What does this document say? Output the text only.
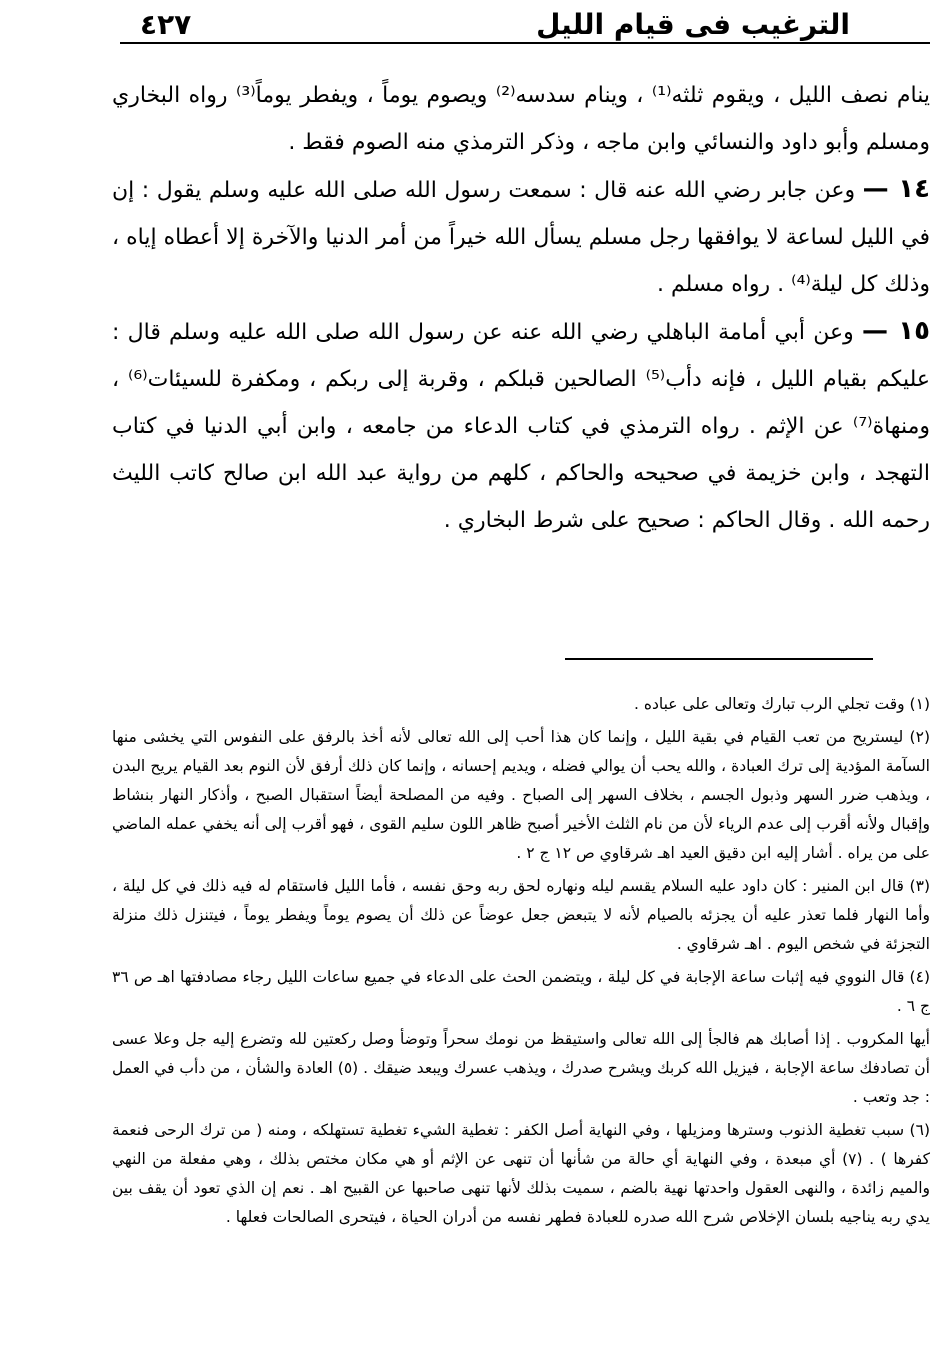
٤٢٧	الترغيب فى قيام الليل

ينام نصف الليل ، ويقوم ثلثه⁽¹⁾ ، وينام سدسه⁽²⁾ ويصوم يوماً ، ويفطر يوماً⁽³⁾ رواه البخاري ومسلم وأبو داود والنسائي وابن ماجه ، وذكر الترمذي منه الصوم فقط .

١٤ — وعن جابر رضي الله عنه قال : سمعت رسول الله صلى الله عليه وسلم يقول : إن في الليل لساعة لا يوافقها رجل مسلم يسأل الله خيراً من أمر الدنيا والآخرة إلا أعطاه إياه ، وذلك كل ليلة⁽⁴⁾ . رواه مسلم .

١٥ — وعن أبي أمامة الباهلي رضي الله عنه عن رسول الله صلى الله عليه وسلم قال : عليكم بقيام الليل ، فإنه دأب⁽⁵⁾ الصالحين قبلكم ، وقربة إلى ربكم ، ومكفرة للسيئات⁽⁶⁾ ، ومنهاة⁽⁷⁾ عن الإثم . رواه الترمذي في كتاب الدعاء من جامعه ، وابن أبي الدنيا في كتاب التهجد ، وابن خزيمة في صحيحه والحاكم ، كلهم من رواية عبد الله ابن صالح كاتب الليث رحمه الله . وقال الحاكم : صحيح على شرط البخاري .

(١) وقت تجلي الرب تبارك وتعالى على عباده .

(٢) ليستريح من تعب القيام في بقية الليل ، وإنما كان هذا أحب إلى الله تعالى لأنه أخذ بالرفق على النفوس التي يخشى منها السآمة المؤدية إلى ترك العبادة ، والله يحب أن يوالي فضله ، ويديم إحسانه ، وإنما كان ذلك أرفق لأن النوم بعد القيام يريح البدن ، ويذهب ضرر السهر وذبول الجسم ، بخلاف السهر إلى الصباح . وفيه من المصلحة أيضاً استقبال الصبح ، وأذكار النهار بنشاط وإقبال ولأنه أقرب إلى عدم الرياء لأن من نام الثلث الأخير أصبح ظاهر اللون سليم القوى ، فهو أقرب إلى أنه يخفي عمله الماضي على من يراه . أشار إليه ابن دقيق العيد اهـ شرقاوي ص ١٢ ج ٢ .

(٣) قال ابن المنير : كان داود عليه السلام يقسم ليله ونهاره لحق ربه وحق نفسه ، فأما الليل فاستقام له فيه ذلك في كل ليلة ، وأما النهار فلما تعذر عليه أن يجزئه بالصيام لأنه لا يتبعض جعل عوضاً عن ذلك أن يصوم يوماً ويفطر يوماً ، فيتنزل ذلك منزلة التجزئة في شخص اليوم . اهـ شرقاوي .

(٤) قال النووي فيه إثبات ساعة الإجابة في كل ليلة ، ويتضمن الحث على الدعاء في جميع ساعات الليل رجاء مصادفتها اهـ ص ٣٦ ج ٦ .

أيها المكروب . إذا أصابك هم فالجأ إلى الله تعالى واستيقظ من نومك سحراً وتوضأ وصل ركعتين لله وتضرع إليه جل وعلا عسى أن تصادفك ساعة الإجابة ، فيزيل الله كربك ويشرح صدرك ، ويذهب عسرك ويبعد ضيقك . (٥) العادة والشأن ، من دأب في العمل : جد وتعب .

(٦) سبب تغطية الذنوب وسترها ومزيلها ، وفي النهاية أصل الكفر : تغطية الشيء تغطية تستهلكه ، ومنه ( من ترك الرحى فنعمة كفرها ) . (٧) أي مبعدة ، وفي النهاية أي حالة من شأنها أن تنهى عن الإثم أو هي مكان مختص بذلك ، وهي مفعلة من النهي والميم زائدة ، والنهى العقول واحدتها نهية بالضم ، سميت بذلك لأنها تنهى صاحبها عن القبيح اهـ . نعم إن الذي تعود أن يقف بين يدي ربه يناجيه بلسان الإخلاص شرح الله صدره للعبادة فطهر نفسه من أدران الحياة ، فيتحرى الصالحات فعلها .
